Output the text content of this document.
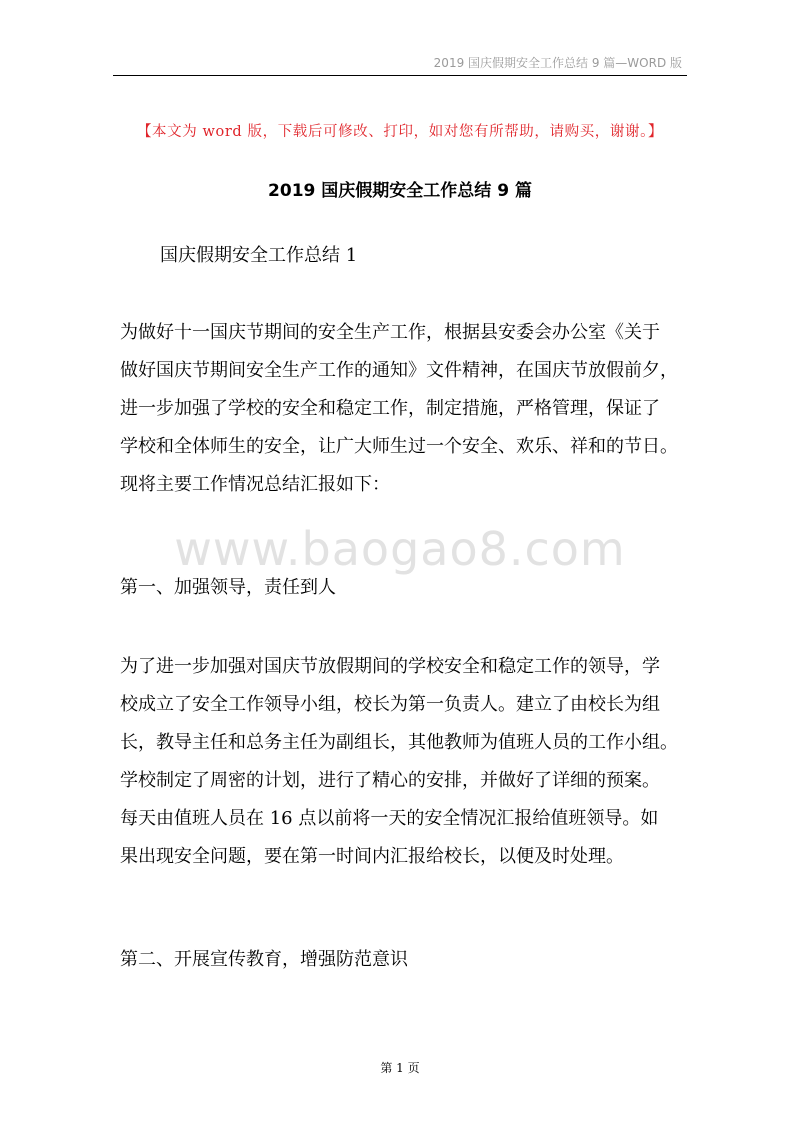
2019 国庆假期安全工作总结 9 篇—WORD 版
【本文为 word 版，下载后可修改、打印，如对您有所帮助，请购买，谢谢。】
2019 国庆假期安全工作总结 9 篇
国庆假期安全工作总结 1
为做好十一国庆节期间的安全生产工作，根据县安委会办公室《关于
做好国庆节期间安全生产工作的通知》文件精神，在国庆节放假前夕，
进一步加强了学校的安全和稳定工作，制定措施，严格管理，保证了
学校和全体师生的安全，让广大师生过一个安全、欢乐、祥和的节日。
现将主要工作情况总结汇报如下：
www.baogao8.com
第一、加强领导，责任到人
为了进一步加强对国庆节放假期间的学校安全和稳定工作的领导，学
校成立了安全工作领导小组，校长为第一负责人。建立了由校长为组
长，教导主任和总务主任为副组长，其他教师为值班人员的工作小组。
学校制定了周密的计划，进行了精心的安排，并做好了详细的预案。
每天由值班人员在 16 点以前将一天的安全情况汇报给值班领导。如
果出现安全问题，要在第一时间内汇报给校长，以便及时处理。
第二、开展宣传教育，增强防范意识
第 1 页
